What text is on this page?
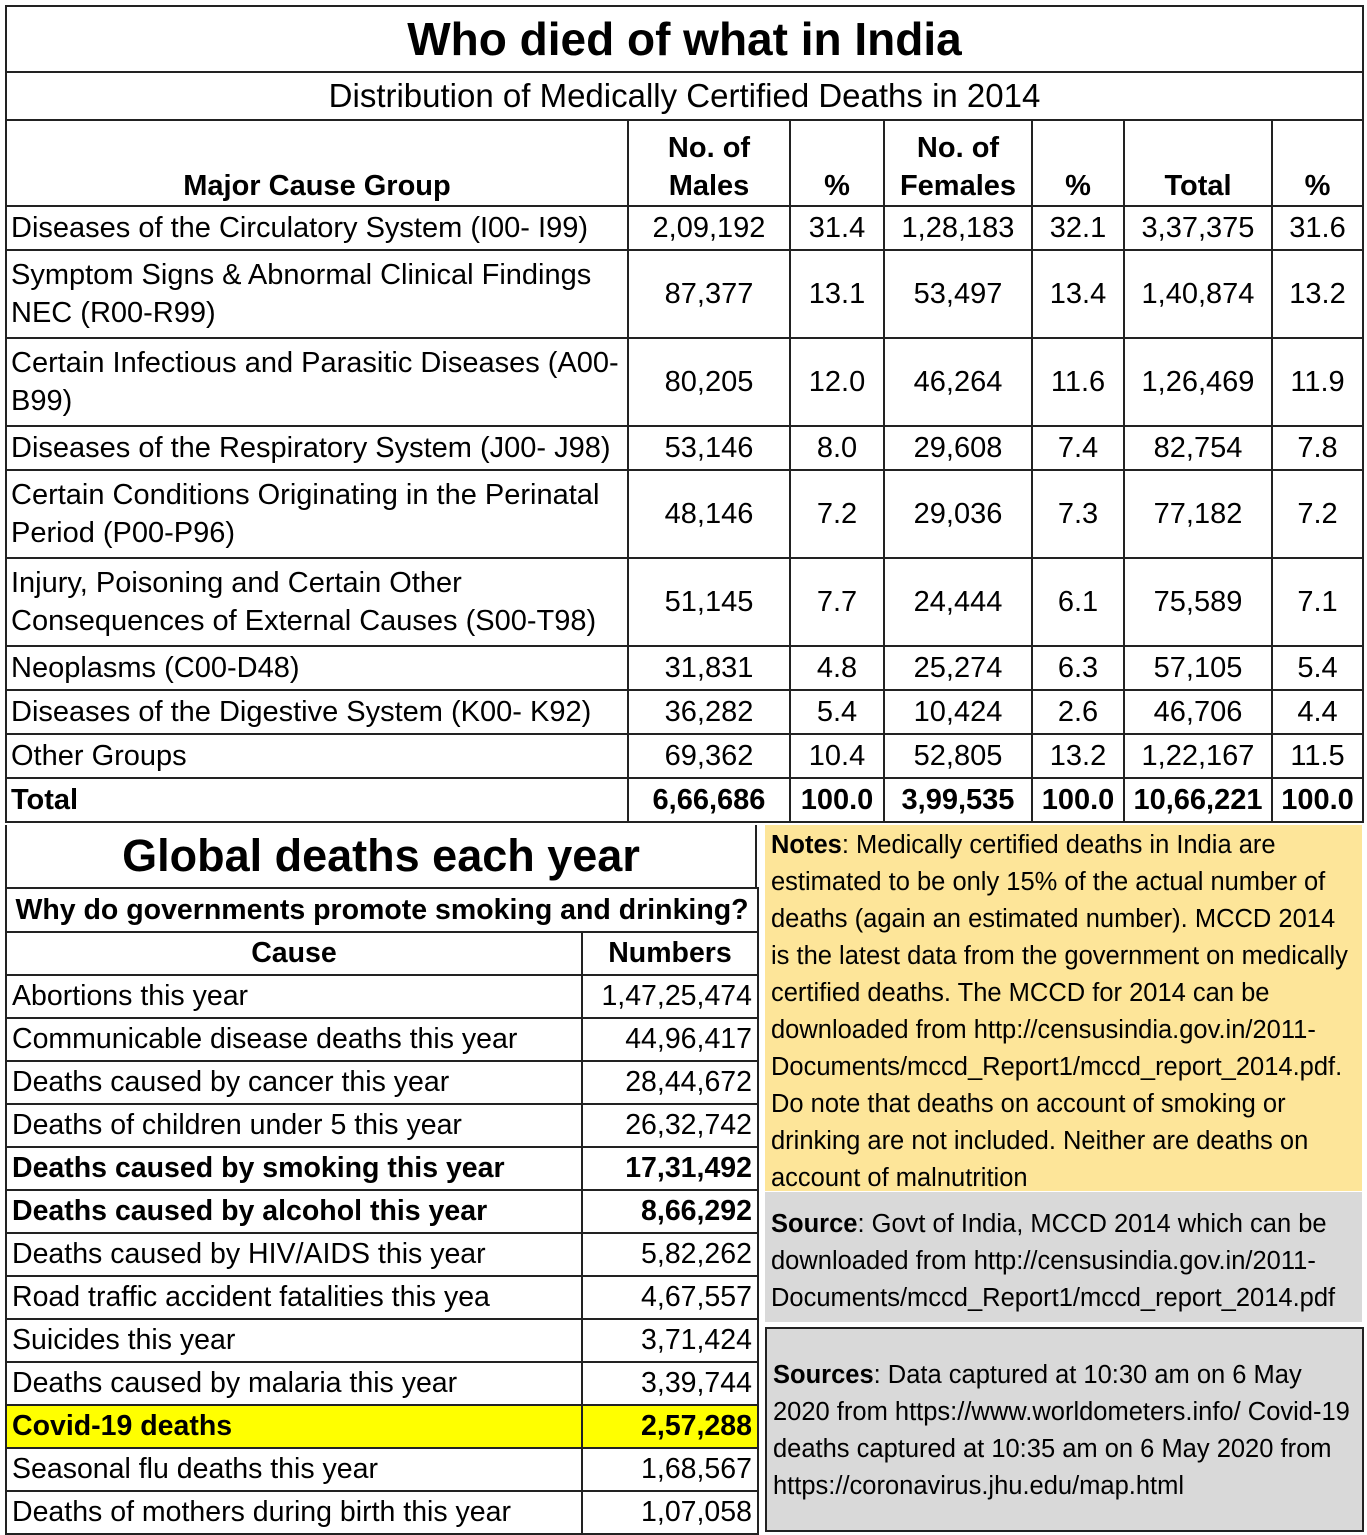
Who died of what in India						
Distribution of Medically Certified Deaths in 2014						
Major Cause Group	No. of Males	%	No. of Females	%	Total	%
Diseases of the Circulatory System (I00- I99)	2,09,192	31.4	1,28,183	32.1	3,37,375	31.6
Symptom Signs & Abnormal Clinical Findings NEC (R00-R99)	87,377	13.1	53,497	13.4	1,40,874	13.2
Certain Infectious and Parasitic Diseases (A00-B99)	80,205	12.0	46,264	11.6	1,26,469	11.9
Diseases of the Respiratory System (J00- J98)	53,146	8.0	29,608	7.4	82,754	7.8
Certain Conditions Originating in the Perinatal Period (P00-P96)	48,146	7.2	29,036	7.3	77,182	7.2
Injury, Poisoning and Certain Other Consequences of External Causes (S00-T98)	51,145	7.7	24,444	6.1	75,589	7.1
Neoplasms (C00-D48)	31,831	4.8	25,274	6.3	57,105	5.4
Diseases of the Digestive System (K00- K92)	36,282	5.4	10,424	2.6	46,706	4.4
Other Groups	69,362	10.4	52,805	13.2	1,22,167	11.5
Total	6,66,686	100.0	3,99,535	100.0	10,66,221	100.0
Global deaths each year
Why do governments promote smoking and drinking?	
Cause	Numbers
Abortions this year	1,47,25,474
Communicable disease deaths this year	44,96,417
Deaths caused by cancer this year	28,44,672
Deaths of children under 5 this year	26,32,742
Deaths caused by smoking this year	17,31,492
Deaths caused by alcohol this year	8,66,292
Deaths caused by HIV/AIDS this year	5,82,262
Road traffic accident fatalities this yea	4,67,557
Suicides this year	3,71,424
Deaths caused by malaria this year	3,39,744
Covid-19 deaths	2,57,288
Seasonal flu deaths this year	1,68,567
Deaths of mothers during birth this year	1,07,058

Notes: Medically certified deaths in India are estimated to be only 15% of the actual number of deaths (again an estimated number). MCCD 2014 is the latest data from the government on medically certified deaths. The MCCD for 2014 can be downloaded from http://censusindia.gov.in/2011-Documents/mccd_Report1/mccd_report_2014.pdf. Do note that deaths on account of smoking or drinking are not included. Neither are deaths on account of malnutrition

Source: Govt of India, MCCD 2014 which can be downloaded from http://censusindia.gov.in/2011-Documents/mccd_Report1/mccd_report_2014.pdf

Sources: Data captured at 10:30 am on 6 May 2020 from https://www.worldometers.info/ Covid-19 deaths captured at 10:35 am on 6 May 2020 from https://coronavirus.jhu.edu/map.html
